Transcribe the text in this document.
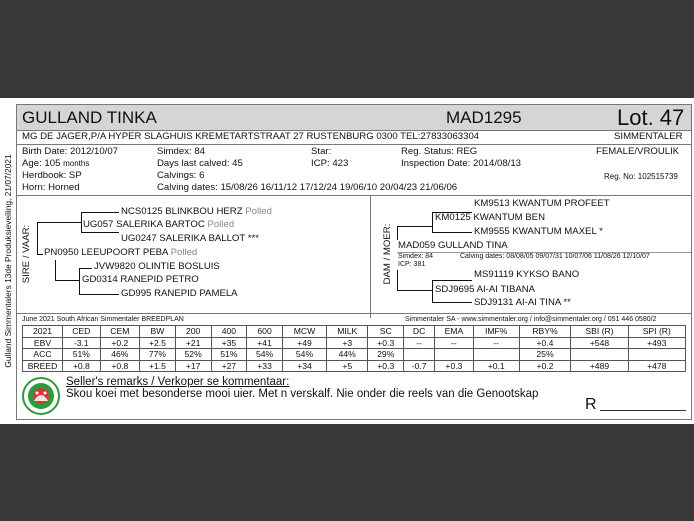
Gulland Simmentalers 13de Produksieveiling, 21/07/2021
GULLAND TINKA	MAD1295	Lot. 47
MG DE JAGER,P/A HYPER SLAGHUIS KREMETARTSTRAAT 27 RUSTENBURG 0300 TEL:27833063304	SIMMENTALER
Birth Date: 2012/10/07	Simdex: 84	Star:	Reg. Status: REG	FEMALE/VROULIK
Age: 105 months	Days last calved: 45	ICP: 423	Inspection Date: 2014/08/13
Herdbook: SP	Calvings: 6	Reg. No: 102515739
Horn: Horned	Calving dates: 15/08/26 16/11/12 17/12/24 19/06/10 20/04/23 21/06/06
SIRE / VAAR:
NCS0125 BLINKBOU HERZ Polled
UG057 SALERIKA BARTOC Polled
UG0247 SALERIKA BALLOT ***
PN0950 LEEUPOORT PEBA Polled
JVW9820 OLINTIE BOSLUIS
GD0314 RANEPID PETRO
GD995 RANEPID PAMELA
DAM / MOER:
KM9513 KWANTUM PROFEET
KM0125 KWANTUM BEN
KM9555 KWANTUM MAXEL *
MAD059 GULLAND TINA
Simdex: 84	Calving dates: 08/08/05 09/07/31 10/07/06 11/08/26 12/10/07
ICP: 381
MS91119 KYKSO BANO
SDJ9695 AI-AI TIBANA
SDJ9131 AI-AI TINA **
June 2021 South African Simmentaler BREEDPLAN	Simmentaler SA - www.simmentaler.org / info@simmentaler.org / 051 446 0580/2
2021	CED	CEM	BW	200	400	600	MCW	MILK	SC	DC	EMA	IMF%	RBY%	SBI (R)	SPI (R)
EBV	-3.1	+0.2	+2.5	+21	+35	+41	+49	+3	+0.3	--	--	--	+0.4	+548	+493
ACC	51%	46%	77%	52%	51%	54%	54%	44%	29%				25%		
BREED	+0.8	+0.8	+1.5	+17	+27	+33	+34	+5	+0.3	-0.7	+0.3	+0.1	+0.2	+489	+478
Seller's remarks / Verkoper se kommentaar:
Skou koei met besonderse mooi uier. Met n verskalf. Nie onder die reels van die Genootskap
R
